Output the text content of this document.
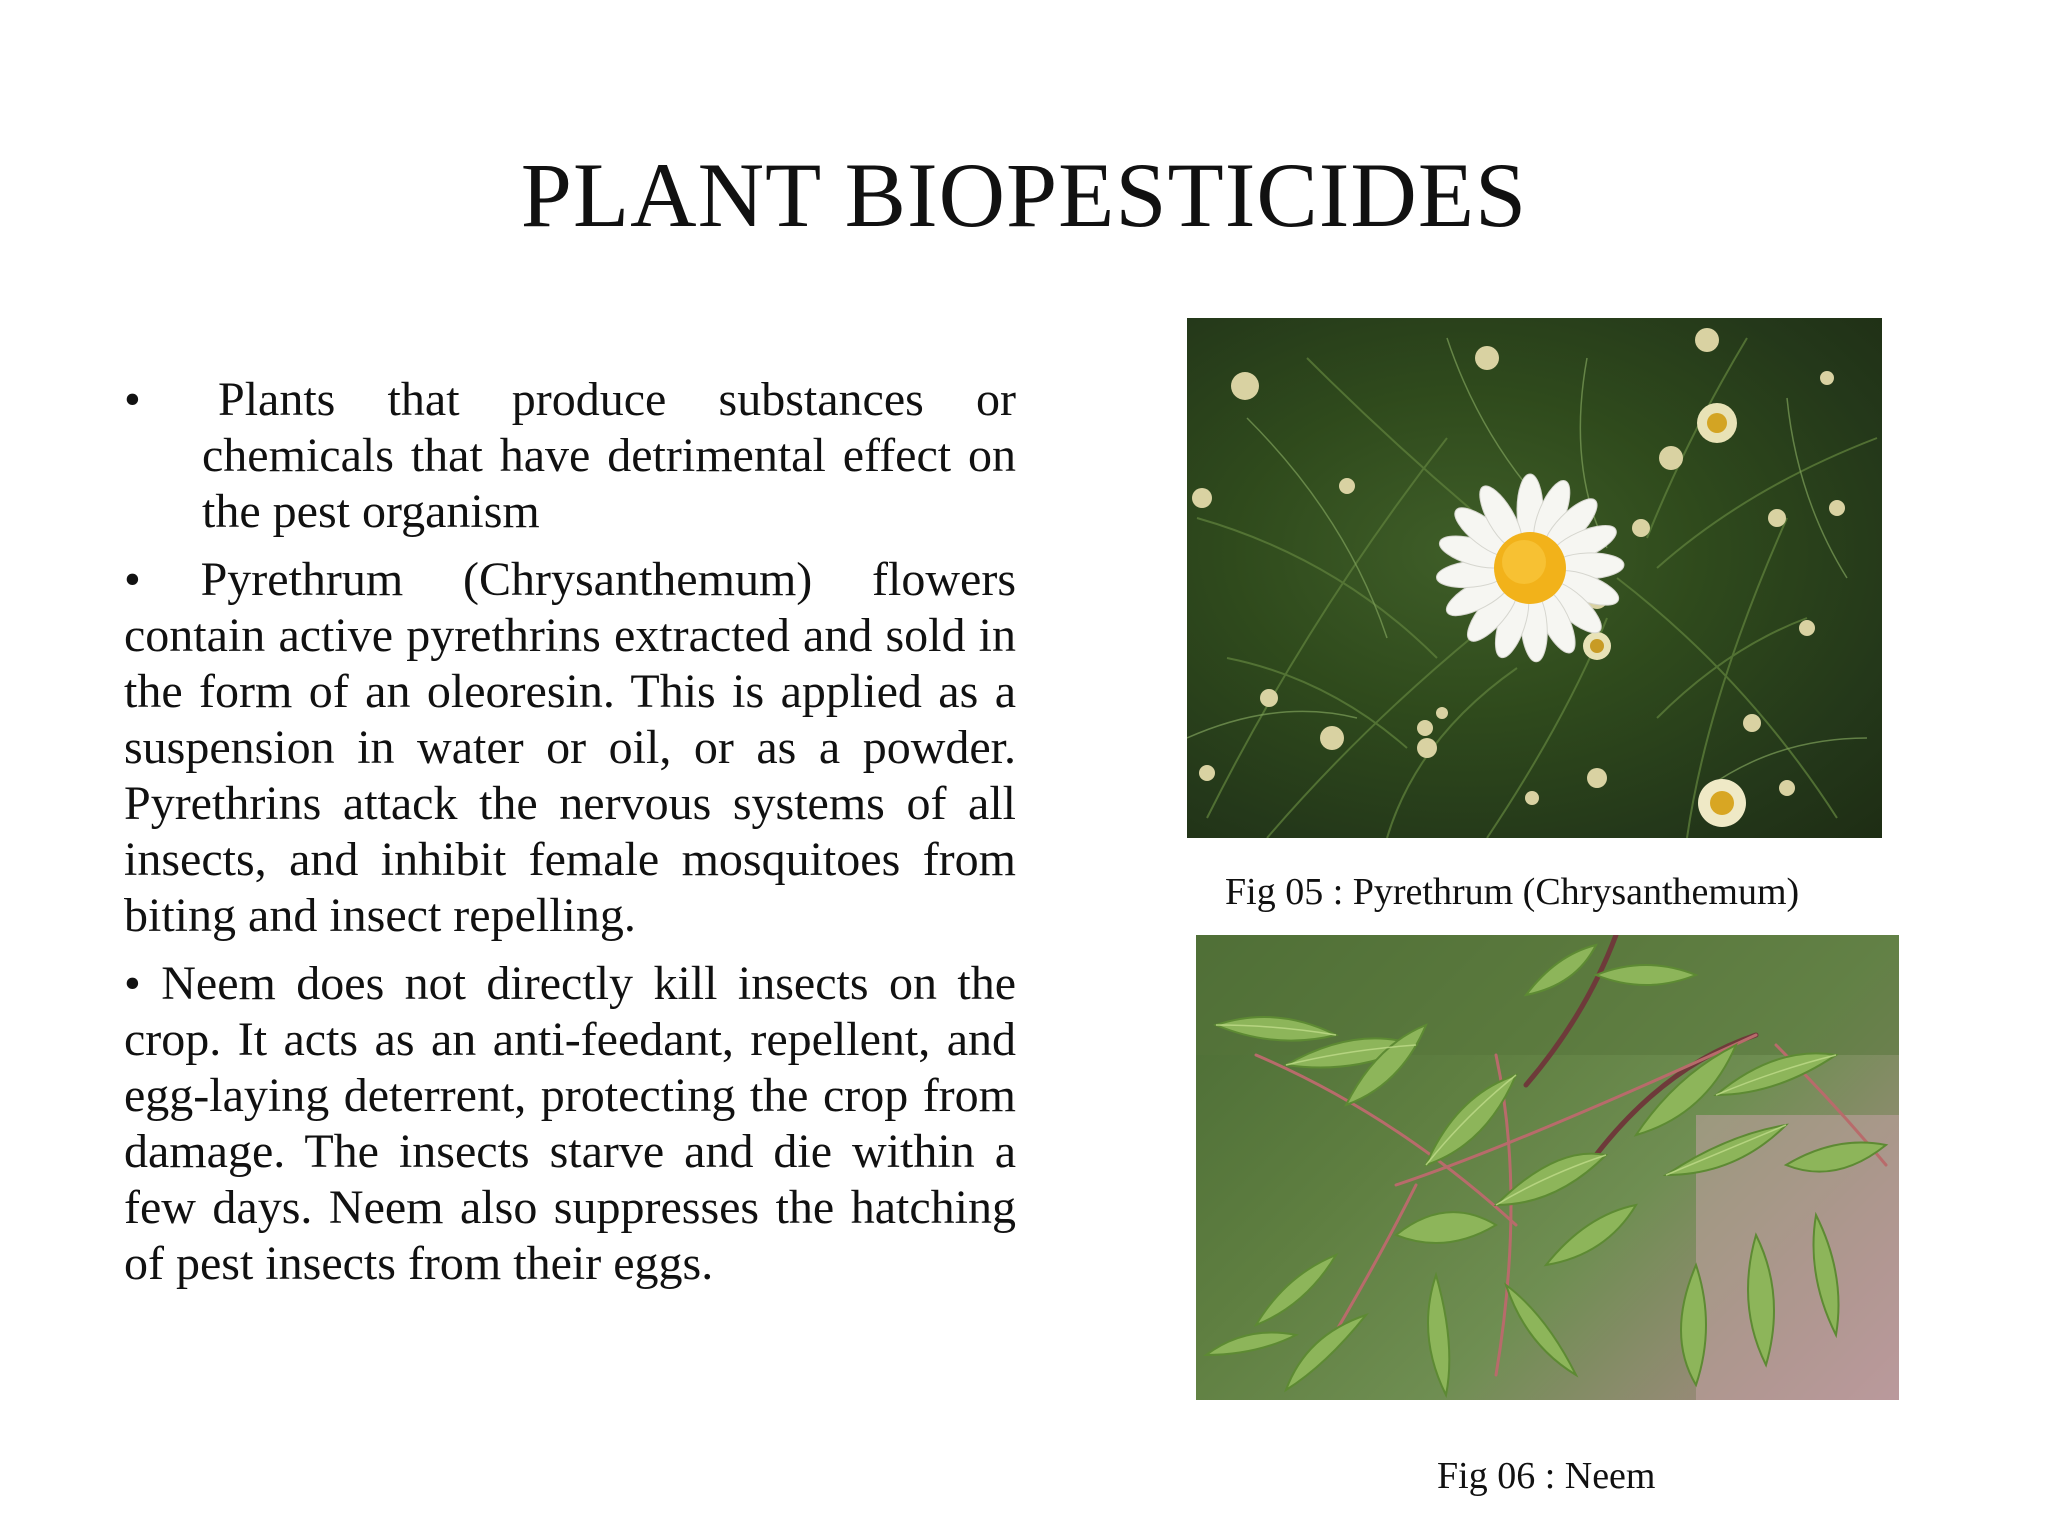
PLANT BIOPESTICIDES

• Plants that produce substances or chemicals that have detrimental effect on the pest organism

• Pyrethrum (Chrysanthemum) flowers contain active pyrethrins extracted and sold in the form of an oleoresin. This is applied as a suspension in water or oil, or as a powder. Pyrethrins attack the nervous systems of all insects, and inhibit female mosquitoes from biting and insect repelling.

• Neem does not directly kill insects on the crop. It acts as an anti-feedant, repellent, and egg-laying deterrent, protecting the crop from damage. The insects starve and die within a few days. Neem also suppresses the hatching of pest insects from their eggs.

Fig 05 : Pyrethrum (Chrysanthemum)
Fig 06 : Neem
